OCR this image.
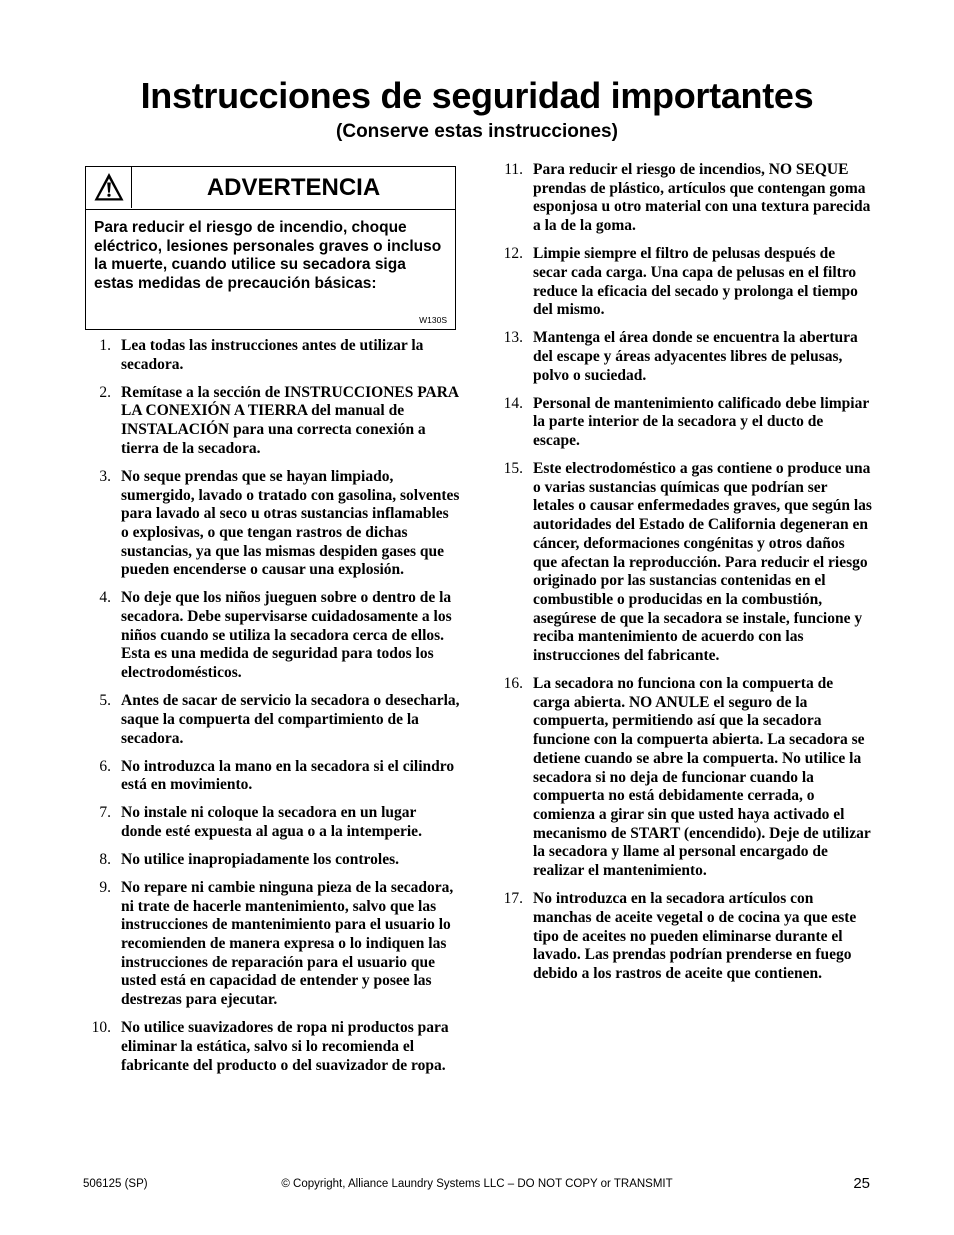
Instrucciones de seguridad importantes
(Conserve estas instrucciones)
ADVERTENCIA
Para reducir el riesgo de incendio, choque eléctrico, lesiones personales graves o incluso la muerte, cuando utilice su secadora siga estas medidas de precaución básicas:
W130S
1. Lea todas las instrucciones antes de utilizar la secadora.
2. Remítase a la sección de INSTRUCCIONES PARA LA CONEXIÓN A TIERRA del manual de INSTALACIÓN para una correcta conexión a tierra de la secadora.
3. No seque prendas que se hayan limpiado, sumergido, lavado o tratado con gasolina, solventes para lavado al seco u otras sustancias inflamables o explosivas, o que tengan rastros de dichas sustancias, ya que las mismas despiden gases que pueden encenderse o causar una explosión.
4. No deje que los niños jueguen sobre o dentro de la secadora. Debe supervisarse cuidadosamente a los niños cuando se utiliza la secadora cerca de ellos. Esta es una medida de seguridad para todos los electrodomésticos.
5. Antes de sacar de servicio la secadora o desecharla, saque la compuerta del compartimiento de la secadora.
6. No introduzca la mano en la secadora si el cilindro está en movimiento.
7. No instale ni coloque la secadora en un lugar donde esté expuesta al agua o a la intemperie.
8. No utilice inapropiadamente los controles.
9. No repare ni cambie ninguna pieza de la secadora, ni trate de hacerle mantenimiento, salvo que las instrucciones de mantenimiento para el usuario lo recomienden de manera expresa o lo indiquen las instrucciones de reparación para el usuario que usted está en capacidad de entender y posee las destrezas para ejecutar.
10. No utilice suavizadores de ropa ni productos para eliminar la estática, salvo si lo recomienda el fabricante del producto o del suavizador de ropa.
11. Para reducir el riesgo de incendios, NO SEQUE prendas de plástico, artículos que contengan goma esponjosa u otro material con una textura parecida a la de la goma.
12. Limpie siempre el filtro de pelusas después de secar cada carga. Una capa de pelusas en el filtro reduce la eficacia del secado y prolonga el tiempo del mismo.
13. Mantenga el área donde se encuentra la abertura del escape y áreas adyacentes libres de pelusas, polvo o suciedad.
14. Personal de mantenimiento calificado debe limpiar la parte interior de la secadora y el ducto de escape.
15. Este electrodoméstico a gas contiene o produce una o varias sustancias químicas que podrían ser letales o causar enfermedades graves, que según las autoridades del Estado de California degeneran en cáncer, deformaciones congénitas y otros daños que afectan la reproducción. Para reducir el riesgo originado por las sustancias contenidas en el combustible o producidas en la combustión, asegúrese de que la secadora se instale, funcione y reciba mantenimiento de acuerdo con las instrucciones del fabricante.
16. La secadora no funciona con la compuerta de carga abierta. NO ANULE el seguro de la compuerta, permitiendo así que la secadora funcione con la compuerta abierta. La secadora se detiene cuando se abre la compuerta. No utilice la secadora si no deja de funcionar cuando la compuerta no está debidamente cerrada, o comienza a girar sin que usted haya activado el mecanismo de START (encendido). Deje de utilizar la secadora y llame al personal encargado de realizar el mantenimiento.
17. No introduzca en la secadora artículos con manchas de aceite vegetal o de cocina ya que este tipo de aceites no pueden eliminarse durante el lavado. Las prendas podrían prenderse en fuego debido a los rastros de aceite que contienen.
506125 (SP)	© Copyright, Alliance Laundry Systems LLC – DO NOT COPY or TRANSMIT	25
